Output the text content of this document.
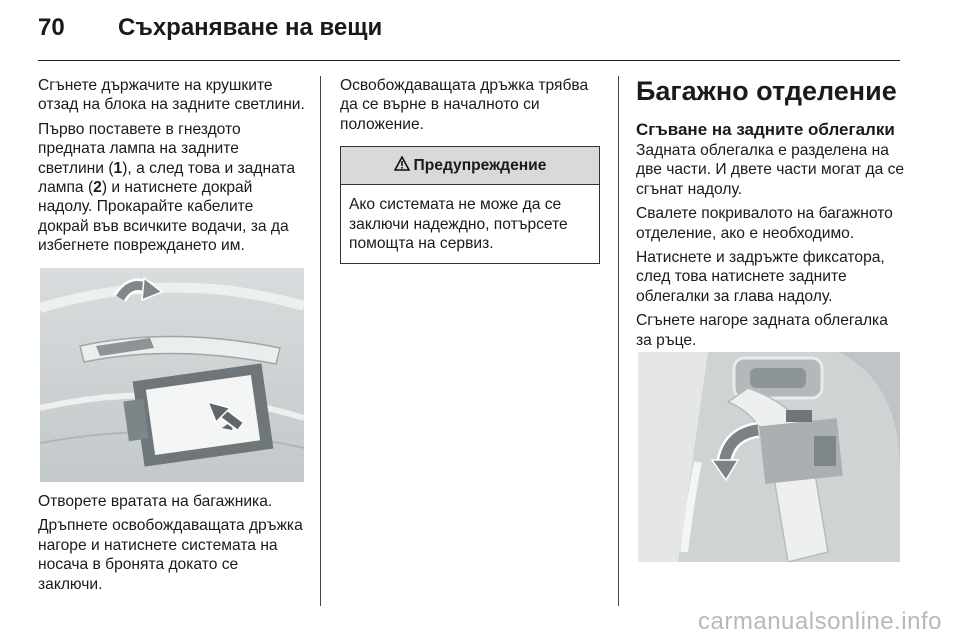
70 Съхраняване на вещи

Сгънете държачите на крушките отзад на блока на задните светлини.

Първо поставете в гнездото предната лампа на задните светлини (1), а след това и задната лампа (2) и натиснете докрай надолу. Прокарайте кабелите докрай във всичките водачи, за да избегнете повреждането им.

Отворете вратата на багажника.

Дръпнете освобождаващата дръжка нагоре и натиснете системата на носача в бронята докато се заключи.

Освобождаващата дръжка трябва да се върне в началното си положение.

Предупреждение
Ако системата не може да се заключи надеждно, потърсете помощта на сервиз.
Багажно отделение
Сгъване на задните облегалки

Задната облегалка е разделена на две части. И двете части могат да се сгънат надолу.

Свалете покривалото на багажното отделение, ако е необходимо.

Натиснете и задръжте фиксатора, след това натиснете задните облегалки за глава надолу.

Сгънете нагоре задната облегалка за ръце.

carmanualsonline.info
